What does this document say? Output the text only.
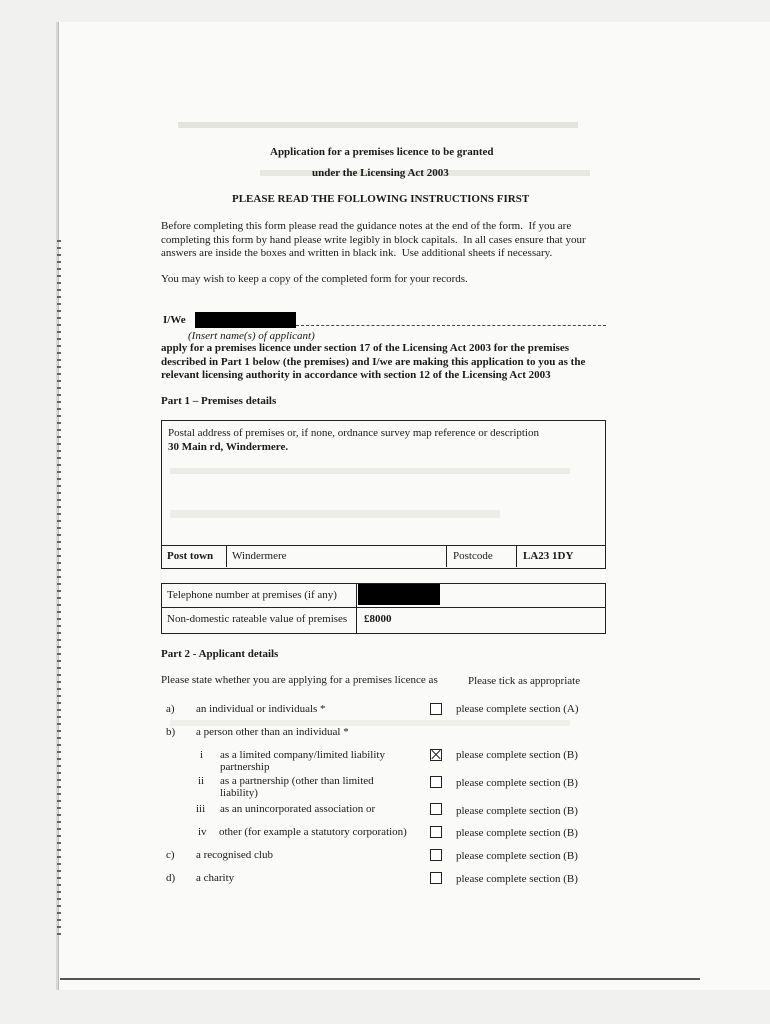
Application for a premises licence to be granted
under the Licensing Act 2003
PLEASE READ THE FOLLOWING INSTRUCTIONS FIRST
Before completing this form please read the guidance notes at the end of the form.  If you are
completing this form by hand please write legibly in block capitals.  In all cases ensure that your
answers are inside the boxes and written in black ink.  Use additional sheets if necessary.
You may wish to keep a copy of the completed form for your records.
I/We
(Insert name(s) of applicant)
apply for a premises licence under section 17 of the Licensing Act 2003 for the premises
described in Part 1 below (the premises) and I/we are making this application to you as the
relevant licensing authority in accordance with section 12 of the Licensing Act 2003
Part 1 – Premises details
Postal address of premises or, if none, ordnance survey map reference or description
30 Main rd, Windermere.
Post town Windermere	Postcode	LA23 1DY
Telephone number at premises (if any)
Non-domestic rateable value of premises £8000
Part 2 - Applicant details
Please state whether you are applying for a premises licence as	Please tick as appropriate
a) an individual or individuals *	please complete section (A)
b) a person other than an individual *
i as a limited company/limited liability
partnership
please complete section (B)
ii as a partnership (other than limited
liability)
please complete section (B)
iii as an unincorporated association or	please complete section (B)
iv other (for example a statutory corporation)	please complete section (B)
c) a recognised club	please complete section (B)
d) a charity	please complete section (B)
